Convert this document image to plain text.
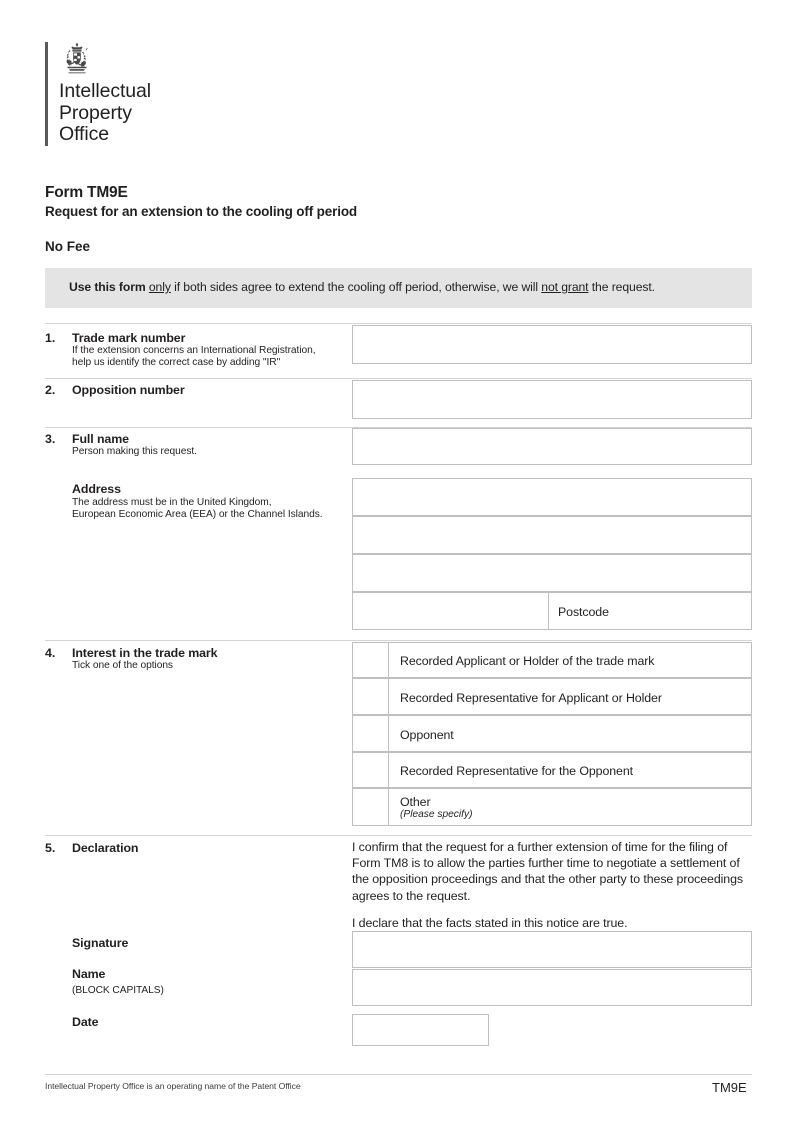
Intellectual
Property
Office
Form TM9E
Request for an extension to the cooling off period
No Fee
Use this form only if both sides agree to extend the cooling off period, otherwise, we will not grant the request.
1. Trade mark number
If the extension concerns an International Registration,
help us identify the correct case by adding "IR"
2. Opposition number
3. Full name
Person making this request.
Address
The address must be in the United Kingdom,
European Economic Area (EEA) or the Channel Islands.
Postcode
4. Interest in the trade mark
Tick one of the options	Recorded Applicant or Holder of the trade mark
Recorded Representative for Applicant or Holder
Opponent
Recorded Representative for the Opponent
Other
(Please specify)
5. Declaration	I confirm that the request for a further extension of time for the filing of Form TM8 is to allow the parties further time to negotiate a settlement of the opposition proceedings and that the other party to these proceedings agrees to the request.
I declare that the facts stated in this notice are true.
Signature
Name
(BLOCK CAPITALS)
Date
Intellectual Property Office is an operating name of the Patent Office	TM9E
